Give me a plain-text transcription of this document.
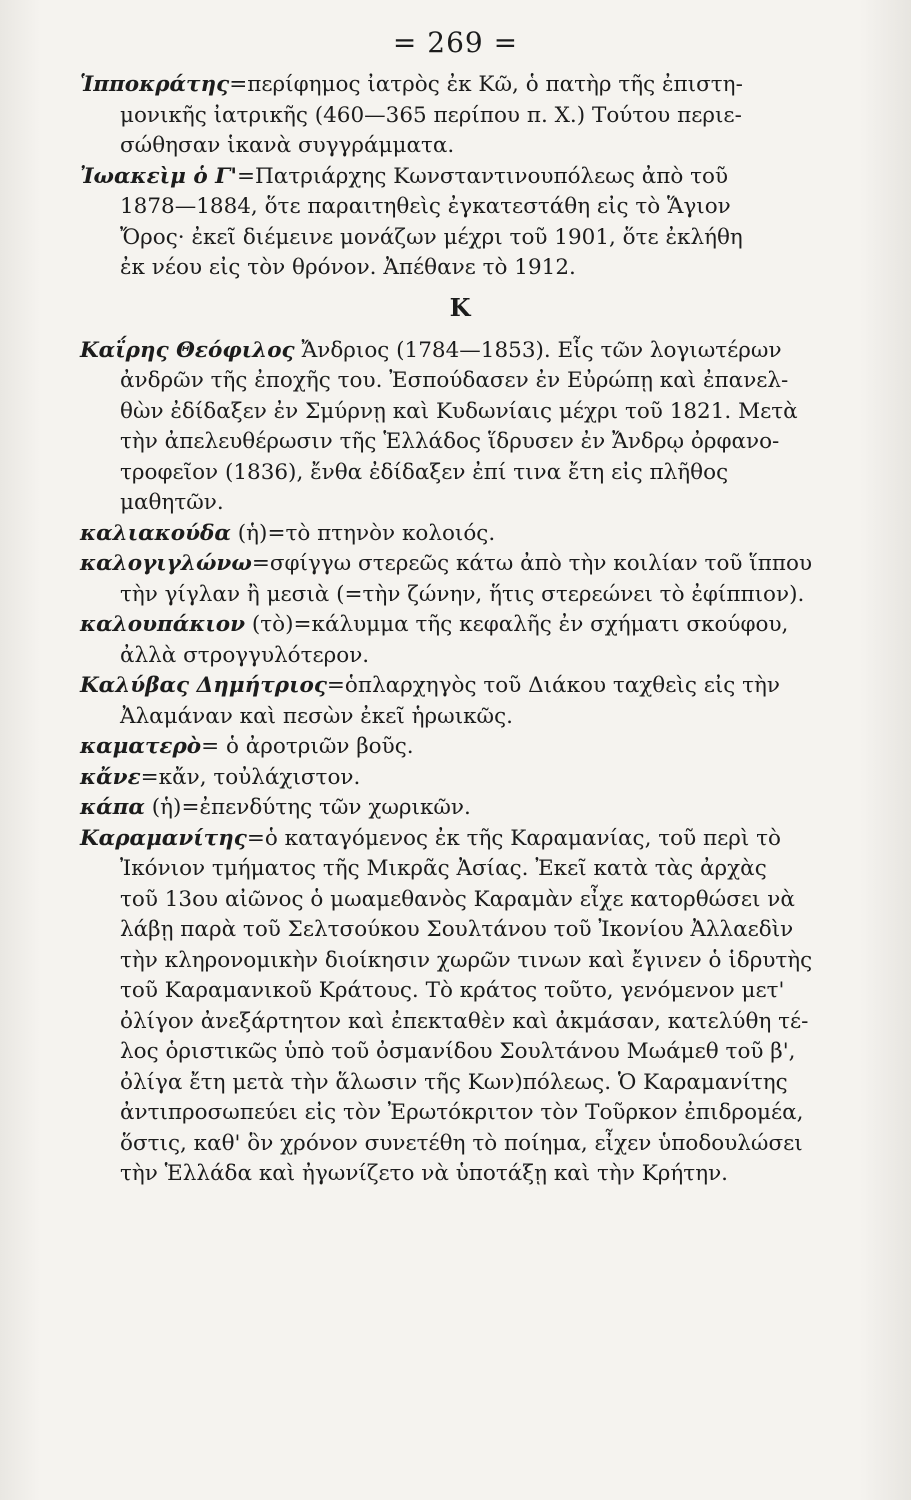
= 269 =
Ἱπποκράτης=περίφημος ἰατρὸς ἐκ Κῶ, ὁ πατὴρ τῆς ἐπιστη-
μονικῆς ἰατρικῆς (460—365 περίπου π. Χ.) Τούτου περιε-
σώθησαν ἱκανὰ συγγράμματα.
Ἰωακεὶμ ὁ Γ'=Πατριάρχης Κωνσταντινουπόλεως ἀπὸ τοῦ
1878—1884, ὅτε παραιτηθεὶς ἐγκατεστάθη εἰς τὸ Ἅγιον
Ὄρος· ἐκεῖ διέμεινε μονάζων μέχρι τοῦ 1901, ὅτε ἐκλήθη
ἐκ νέου εἰς τὸν θρόνον. Ἀπέθανε τὸ 1912.
Κ
Καΐρης Θεόφιλος Ἄνδριος (1784—1853). Εἷς τῶν λογιωτέρων
ἀνδρῶν τῆς ἐποχῆς του. Ἐσπούδασεν ἐν Εὐρώπῃ καὶ ἐπανελ-
θὼν ἐδίδαξεν ἐν Σμύρνῃ καὶ Κυδωνίαις μέχρι τοῦ 1821. Μετὰ
τὴν ἀπελευθέρωσιν τῆς Ἑλλάδος ἵδρυσεν ἐν Ἄνδρῳ ὀρφανο-
τροφεῖον (1836), ἔνθα ἐδίδαξεν ἐπί τινα ἔτη εἰς πλῆθος
μαθητῶν.
καλιακούδα (ἡ)=τὸ πτηνὸν κολοιός.
καλογιγλώνω=σφίγγω στερεῶς κάτω ἀπὸ τὴν κοιλίαν τοῦ ἵππου
τὴν γίγλαν ἢ μεσιὰ (=τὴν ζώνην, ἥτις στερεώνει τὸ ἐφίππιον).
καλουπάκιον (τὸ)=κάλυμμα τῆς κεφαλῆς ἐν σχήματι σκούφου,
ἀλλὰ στρογγυλότερον.
Καλύβας Δημήτριος=ὁπλαρχηγὸς τοῦ Διάκου ταχθεὶς εἰς τὴν
Ἀλαμάναν καὶ πεσὼν ἐκεῖ ἡρωικῶς.
καματερὸ= ὁ ἀροτριῶν βοῦς.
κἄνε=κἄν, τοὐλάχιστον.
κάπα (ἡ)=ἐπενδύτης τῶν χωρικῶν.
Καραμανίτης=ὁ καταγόμενος ἐκ τῆς Καραμανίας, τοῦ περὶ τὸ
Ἰκόνιον τμήματος τῆς Μικρᾶς Ἀσίας. Ἐκεῖ κατὰ τὰς ἀρχὰς
τοῦ 13ου αἰῶνος ὁ μωαμεθανὸς Καραμὰν εἶχε κατορθώσει νὰ
λάβῃ παρὰ τοῦ Σελτσούκου Σουλτάνου τοῦ Ἰκονίου Ἀλλαεδὶν
τὴν κληρονομικὴν διοίκησιν χωρῶν τινων καὶ ἔγινεν ὁ ἱδρυτὴς
τοῦ Καραμανικοῦ Κράτους. Τὸ κράτος τοῦτο, γενόμενον μετ'
ὀλίγον ἀνεξάρτητον καὶ ἐπεκταθὲν καὶ ἀκμάσαν, κατελύθη τέ-
λος ὁριστικῶς ὑπὸ τοῦ ὀσμανίδου Σουλτάνου Μωάμεθ τοῦ β',
ὀλίγα ἔτη μετὰ τὴν ἅλωσιν τῆς Κων)πόλεως. Ὁ Καραμανίτης
ἀντιπροσωπεύει εἰς τὸν Ἐρωτόκριτον τὸν Τοῦρκον ἐπιδρομέα,
ὅστις, καθ' ὃν χρόνον συνετέθη τὸ ποίημα, εἶχεν ὑποδουλώσει
τὴν Ἑλλάδα καὶ ἠγωνίζετο νὰ ὑποτάξῃ καὶ τὴν Κρήτην.
